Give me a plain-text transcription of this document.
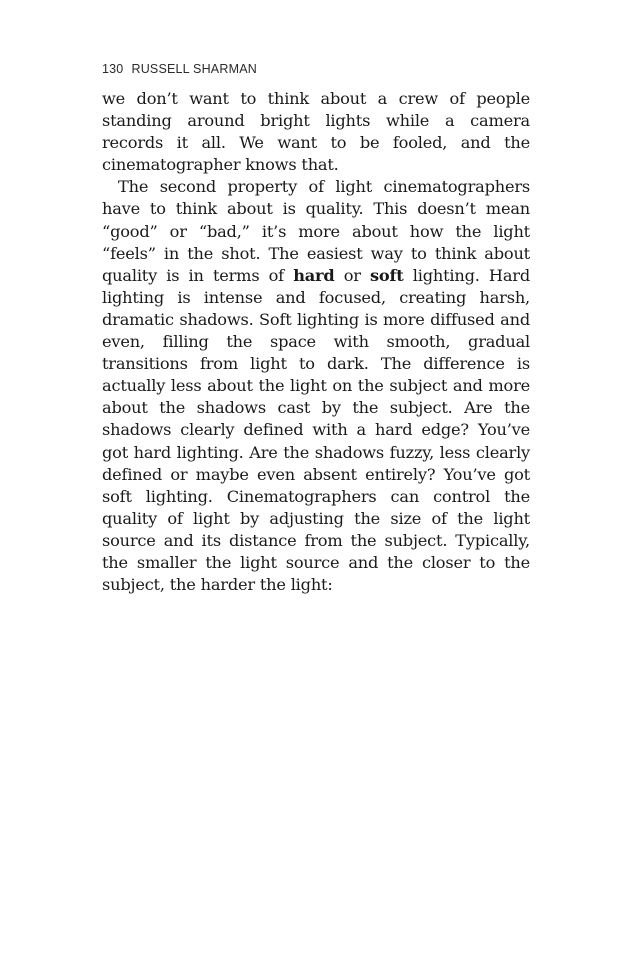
130 RUSSELL SHARMAN

we don’t want to think about a crew of people standing around bright lights while a camera records it all. We want to be fooled, and the cinematographer knows that.

The second property of light cinematographers have to think about is quality. This doesn’t mean “good” or “bad,” it’s more about how the light “feels” in the shot. The easiest way to think about quality is in terms of hard or soft lighting. Hard lighting is intense and focused, creating harsh, dramatic shadows. Soft lighting is more diffused and even, filling the space with smooth, gradual transitions from light to dark. The difference is actually less about the light on the subject and more about the shadows cast by the subject. Are the shadows clearly defined with a hard edge? You’ve got hard lighting. Are the shadows fuzzy, less clearly defined or maybe even absent entirely? You’ve got soft lighting. Cinematographers can control the quality of light by adjusting the size of the light source and its distance from the subject. Typically, the smaller the light source and the closer to the subject, the harder the light:
